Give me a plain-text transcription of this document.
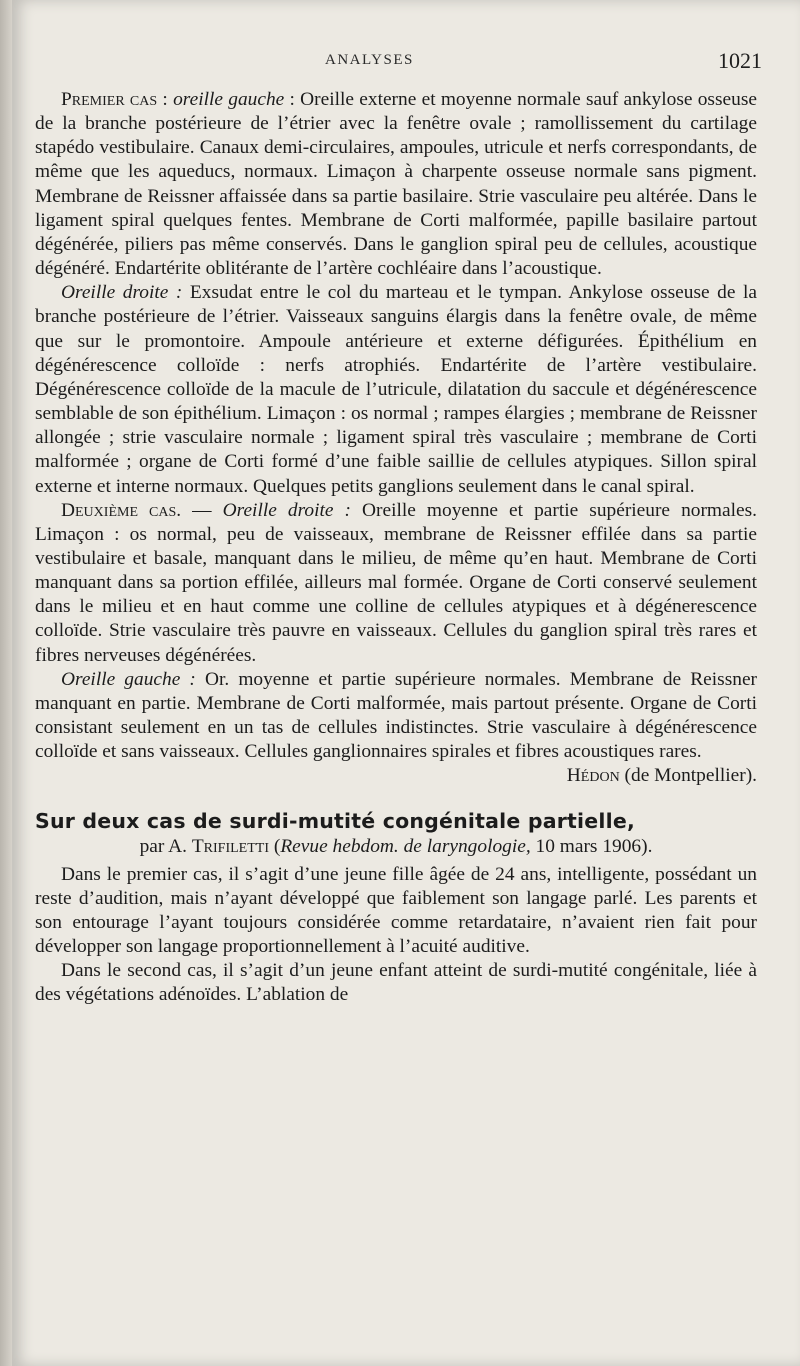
ANALYSES	1021

Premier cas : oreille gauche : Oreille externe et moyenne normale sauf ankylose osseuse de la branche postérieure de l’étrier avec la fenêtre ovale ; ramollissement du cartilage stapédo vestibulaire. Canaux demi-circulaires, ampoules, utricule et nerfs correspondants, de même que les aqueducs, normaux. Limaçon à charpente osseuse normale sans pigment. Membrane de Reissner affaissée dans sa partie basilaire. Strie vasculaire peu altérée. Dans le ligament spiral quelques fentes. Membrane de Corti malformée, papille basilaire partout dégénérée, piliers pas même conservés. Dans le ganglion spiral peu de cellules, acoustique dégénéré. Endartérite oblitérante de l’artère cochléaire dans l’acoustique.

Oreille droite : Exsudat entre le col du marteau et le tympan. Ankylose osseuse de la branche postérieure de l’étrier. Vaisseaux sanguins élargis dans la fenêtre ovale, de même que sur le promontoire. Ampoule antérieure et externe défigurées. Épithélium en dégénérescence colloïde : nerfs atrophiés. Endartérite de l’artère vestibulaire. Dégénérescence colloïde de la macule de l’utricule, dilatation du saccule et dégénérescence semblable de son épithélium. Limaçon : os normal ; rampes élargies ; membrane de Reissner allongée ; strie vasculaire normale ; ligament spiral très vasculaire ; membrane de Corti malformée ; organe de Corti formé d’une faible saillie de cellules atypiques. Sillon spiral externe et interne normaux. Quelques petits ganglions seulement dans le canal spiral.

Deuxième cas. — Oreille droite : Oreille moyenne et partie supérieure normales. Limaçon : os normal, peu de vaisseaux, membrane de Reissner effilée dans sa partie vestibulaire et basale, manquant dans le milieu, de même qu’en haut. Membrane de Corti manquant dans sa portion effilée, ailleurs mal formée. Organe de Corti conservé seulement dans le milieu et en haut comme une colline de cellules atypiques et à dégénerescence colloïde. Strie vasculaire très pauvre en vaisseaux. Cellules du ganglion spiral très rares et fibres nerveuses dégénérées.

Oreille gauche : Or. moyenne et partie supérieure normales. Membrane de Reissner manquant en partie. Membrane de Corti malformée, mais partout présente. Organe de Corti consistant seulement en un tas de cellules indistinctes. Strie vasculaire à dégénérescence colloïde et sans vaisseaux. Cellules ganglionnaires spirales et fibres acoustiques rares.
Hédon (de Montpellier).

Sur deux cas de surdi-mutité congénitale partielle,

par A. Trifiletti (Revue hebdom. de laryngologie, 10 mars 1906).

Dans le premier cas, il s’agit d’une jeune fille âgée de 24 ans, intelligente, possédant un reste d’audition, mais n’ayant développé que faiblement son langage parlé. Les parents et son entourage l’ayant toujours considérée comme retardataire, n’avaient rien fait pour développer son langage proportionnellement à l’acuité auditive.

Dans le second cas, il s’agit d’un jeune enfant atteint de surdi-mutité congénitale, liée à des végétations adénoïdes. L’ablation de
